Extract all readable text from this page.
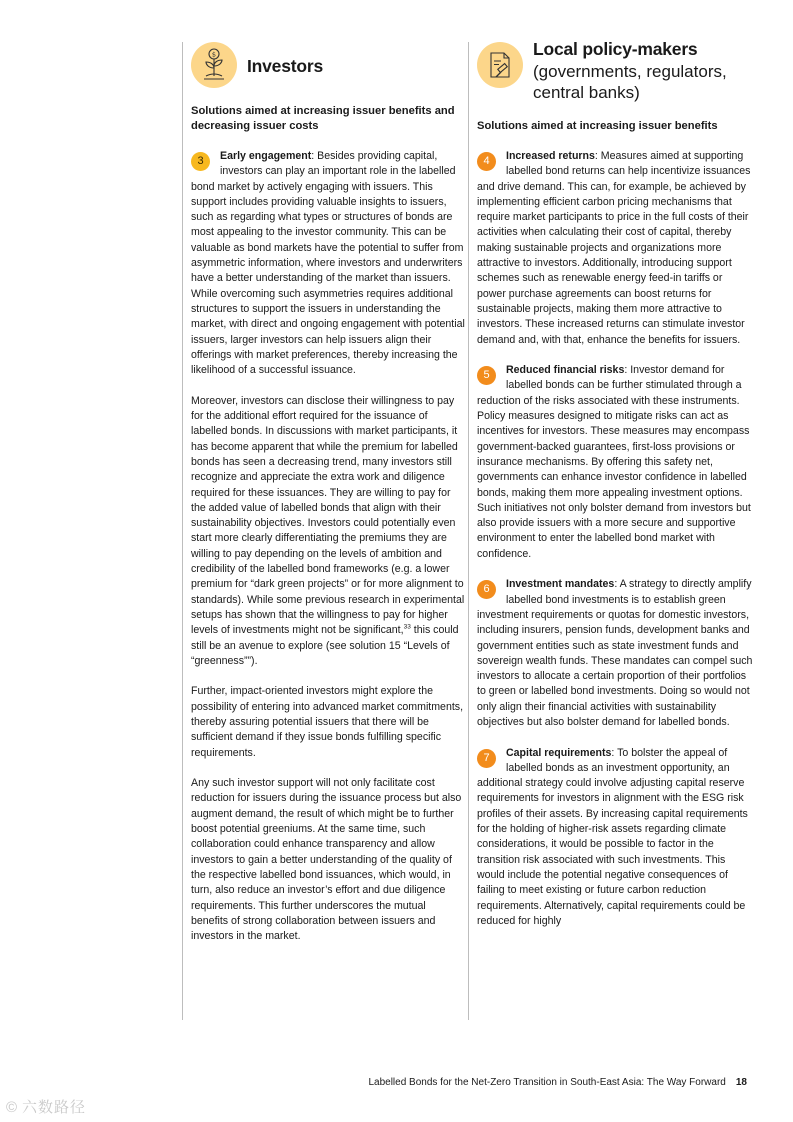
$
Investors
Solutions aimed at increasing issuer benefits and decreasing issuer costs

3	Early engagement: Besides providing capital, investors can play an important role in the labelled bond market by actively engaging with issuers. This support includes providing valuable insights to issuers, such as regarding what types or structures of bonds are most appealing to the investor community. This can be valuable as bond markets have the potential to suffer from asymmetric information, where investors and underwriters have a better understanding of the market than issuers. While overcoming such asymmetries requires additional structures to support the issuers in understanding the market, with direct and ongoing engagement with potential issuers, larger investors can help issuers align their offerings with market preferences, thereby increasing the likelihood of a successful issuance.

Moreover, investors can disclose their willingness to pay for the additional effort required for the issuance of labelled bonds. In discussions with market participants, it has become apparent that while the premium for labelled bonds has seen a decreasing trend, many investors still recognize and appreciate the extra work and diligence required for these issuances. They are willing to pay for the added value of labelled bonds that align with their sustainability objectives. Investors could potentially even start more clearly differentiating the premiums they are willing to pay depending on the levels of ambition and credibility of the labelled bond frameworks (e.g. a lower premium for “dark green projects” or for more alignment to standards). While some previous research in experimental setups has shown that the willingness to pay for higher levels of investments might not be significant,$^{33}$ this could still be an avenue to explore (see solution 15 “Levels of “greenness””).

Further, impact-oriented investors might explore the possibility of entering into advanced market commitments, thereby assuring potential issuers that there will be sufficient demand if they issue bonds fulfilling specific requirements.

Any such investor support will not only facilitate cost reduction for issuers during the issuance process but also augment demand, the result of which might be to further boost potential greeniums. At the same time, such collaboration could enhance transparency and allow investors to gain a better understanding of the quality of the respective labelled bond issuances, which would, in turn, also reduce an investor’s effort and due diligence requirements. This further underscores the mutual benefits of strong collaboration between issuers and investors in the market.

Local policy-makers
(governments, regulators, central banks)
Solutions aimed at increasing issuer benefits

4	Increased returns: Measures aimed at supporting labelled bond returns can help incentivize issuances and drive demand. This can, for example, be achieved by implementing efficient carbon pricing mechanisms that require market participants to price in the full costs of their activities when calculating their cost of capital, thereby making sustainable projects and organizations more attractive to investors. Additionally, introducing support schemes such as renewable energy feed-in tariffs or power purchase agreements can boost returns for sustainable projects, making them more attractive to investors. These increased returns can stimulate investor demand and, with that, enhance the benefits for issuers.

5	Reduced financial risks: Investor demand for labelled bonds can be further stimulated through a reduction of the risks associated with these instruments. Policy measures designed to mitigate risks can act as incentives for investors. These measures may encompass government-backed guarantees, first-loss provisions or insurance mechanisms. By offering this safety net, governments can enhance investor confidence in labelled bonds, making them more appealing investment options. Such initiatives not only bolster demand from investors but also provide issuers with a more secure and supportive environment to enter the labelled bond market with confidence.

6	Investment mandates: A strategy to directly amplify labelled bond investments is to establish green investment requirements or quotas for domestic investors, including insurers, pension funds, development banks and government entities such as state investment funds and sovereign wealth funds. These mandates can compel such investors to allocate a certain proportion of their portfolios to green or labelled bond investments. Doing so would not only align their financial activities with sustainability objectives but also bolster demand for labelled bonds.

7	Capital requirements: To bolster the appeal of labelled bonds as an investment opportunity, an additional strategy could involve adjusting capital reserve requirements for investors in alignment with the ESG risk profiles of their assets. By increasing capital requirements for the holding of higher-risk assets regarding climate considerations, it would be possible to factor in the transition risk associated with such investments. This would include the potential negative consequences of failing to meet existing or future carbon reduction requirements. Alternatively, capital requirements could be reduced for highly

Labelled Bonds for the Net-Zero Transition in South-East Asia: The Way Forward 18
© 六数路径
